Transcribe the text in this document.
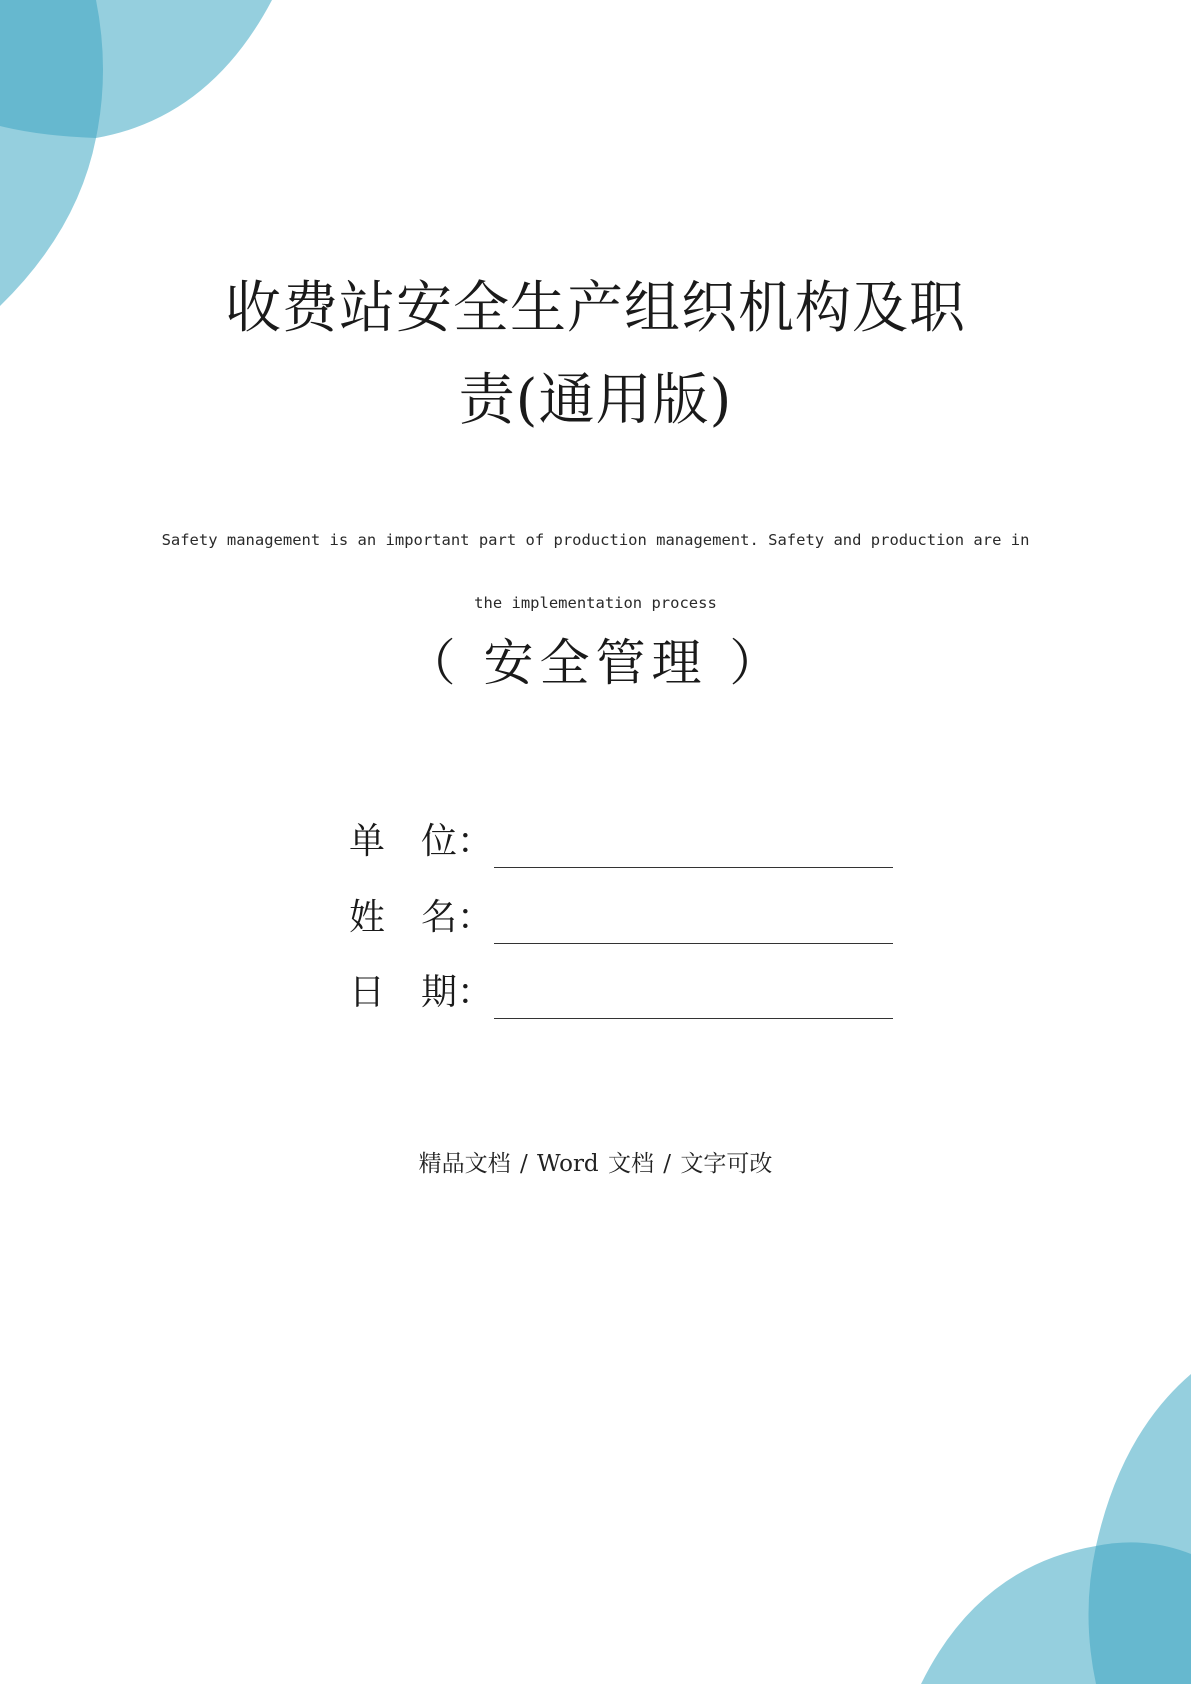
收费站安全生产组织机构及职
责(通用版)
Safety management is an important part of production management. Safety and production are in
the implementation process
（ 安全管理 ）
单 位：
姓 名：
日 期：
精品文档 / Word 文档 / 文字可改
